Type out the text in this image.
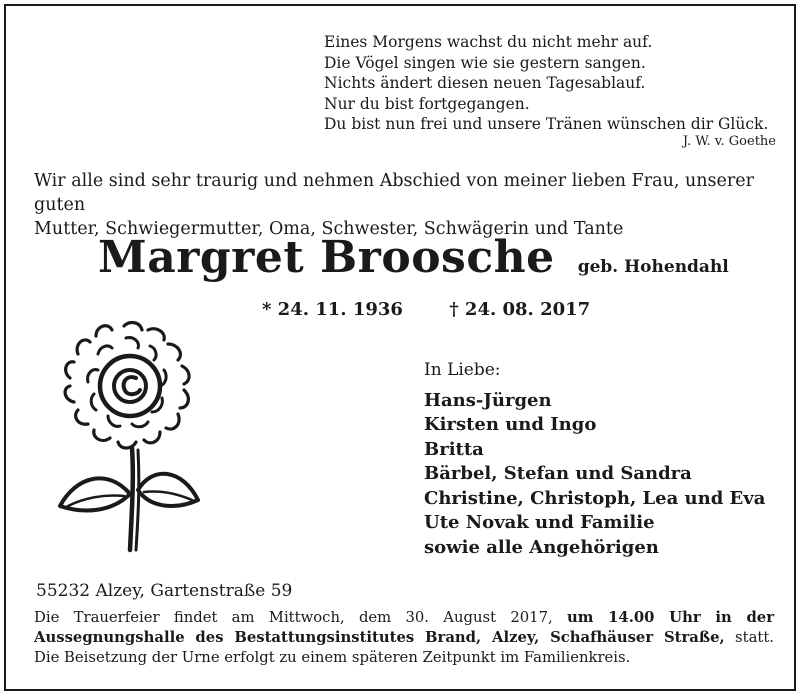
Eines Morgens wachst du nicht mehr auf.
Die Vögel singen wie sie gestern sangen.
Nichts ändert diesen neuen Tagesablauf.
Nur du bist fortgegangen.
Du bist nun frei und unsere Tränen wünschen dir Glück.
J. W. v. Goethe
Wir alle sind sehr traurig und nehmen Abschied von meiner lieben Frau, unserer guten
Mutter, Schwiegermutter, Oma, Schwester, Schwägerin und Tante
Margret Broosche geb. Hohendahl
* 24. 11. 1936	† 24. 08. 2017
In Liebe:
Hans-Jürgen
Kirsten und Ingo
Britta
Bärbel, Stefan und Sandra
Christine, Christoph, Lea und Eva
Ute Novak und Familie
sowie alle Angehörigen
55232 Alzey, Gartenstraße 59
Die Trauerfeier findet am Mittwoch, dem 30. August 2017, um 14.00 Uhr in der
Aussegnungshalle des Bestattungsinstitutes Brand, Alzey, Schafhäuser Straße, statt.
Die Beisetzung der Urne erfolgt zu einem späteren Zeitpunkt im Familienkreis.
